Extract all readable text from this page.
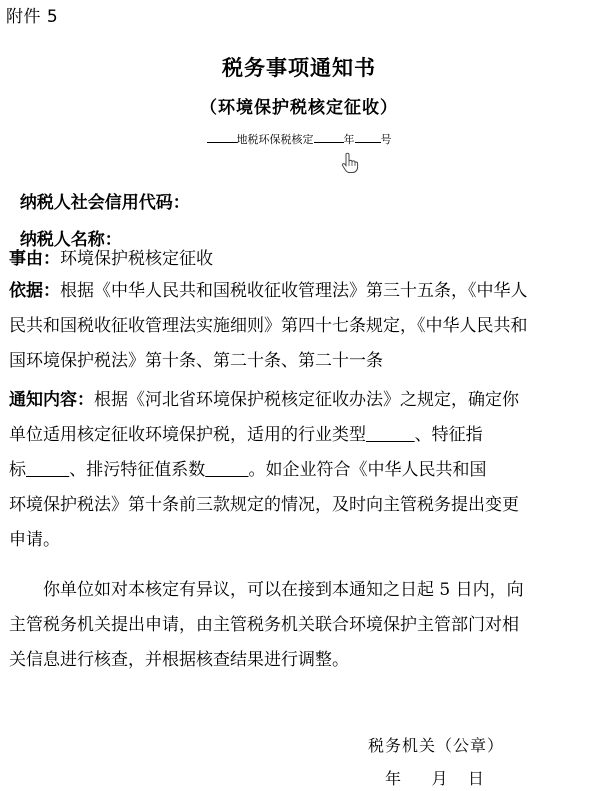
附件 5
税务事项通知书
（环境保护税核定征收）
地税环保税核定	年 号

纳税人社会信用代码：

纳税人名称：

事由：环境保护税核定征收
依据：根据《中华人民共和国税收征收管理法》第三十五条，《中华人
民共和国税收征收管理法实施细则》第四十七条规定，《中华人民共和
国环境保护税法》第十条、第二十条、第二十一条
通知内容：根据《河北省环境保护税核定征收办法》之规定，确定你
单位适用核定征收环境保护税，适用的行业类型	、特征指
标	、排污特征值系数	。如企业符合《中华人民共和国
环境保护税法》第十条前三款规定的情况，及时向主管税务提出变更
申请。
你单位如对本核定有异议，可以在接到本通知之日起 5 日内，向
主管税务机关提出申请，由主管税务机关联合环境保护主管部门对相
关信息进行核查，并根据核查结果进行调整。
税务机关（公章）
年 月 日
